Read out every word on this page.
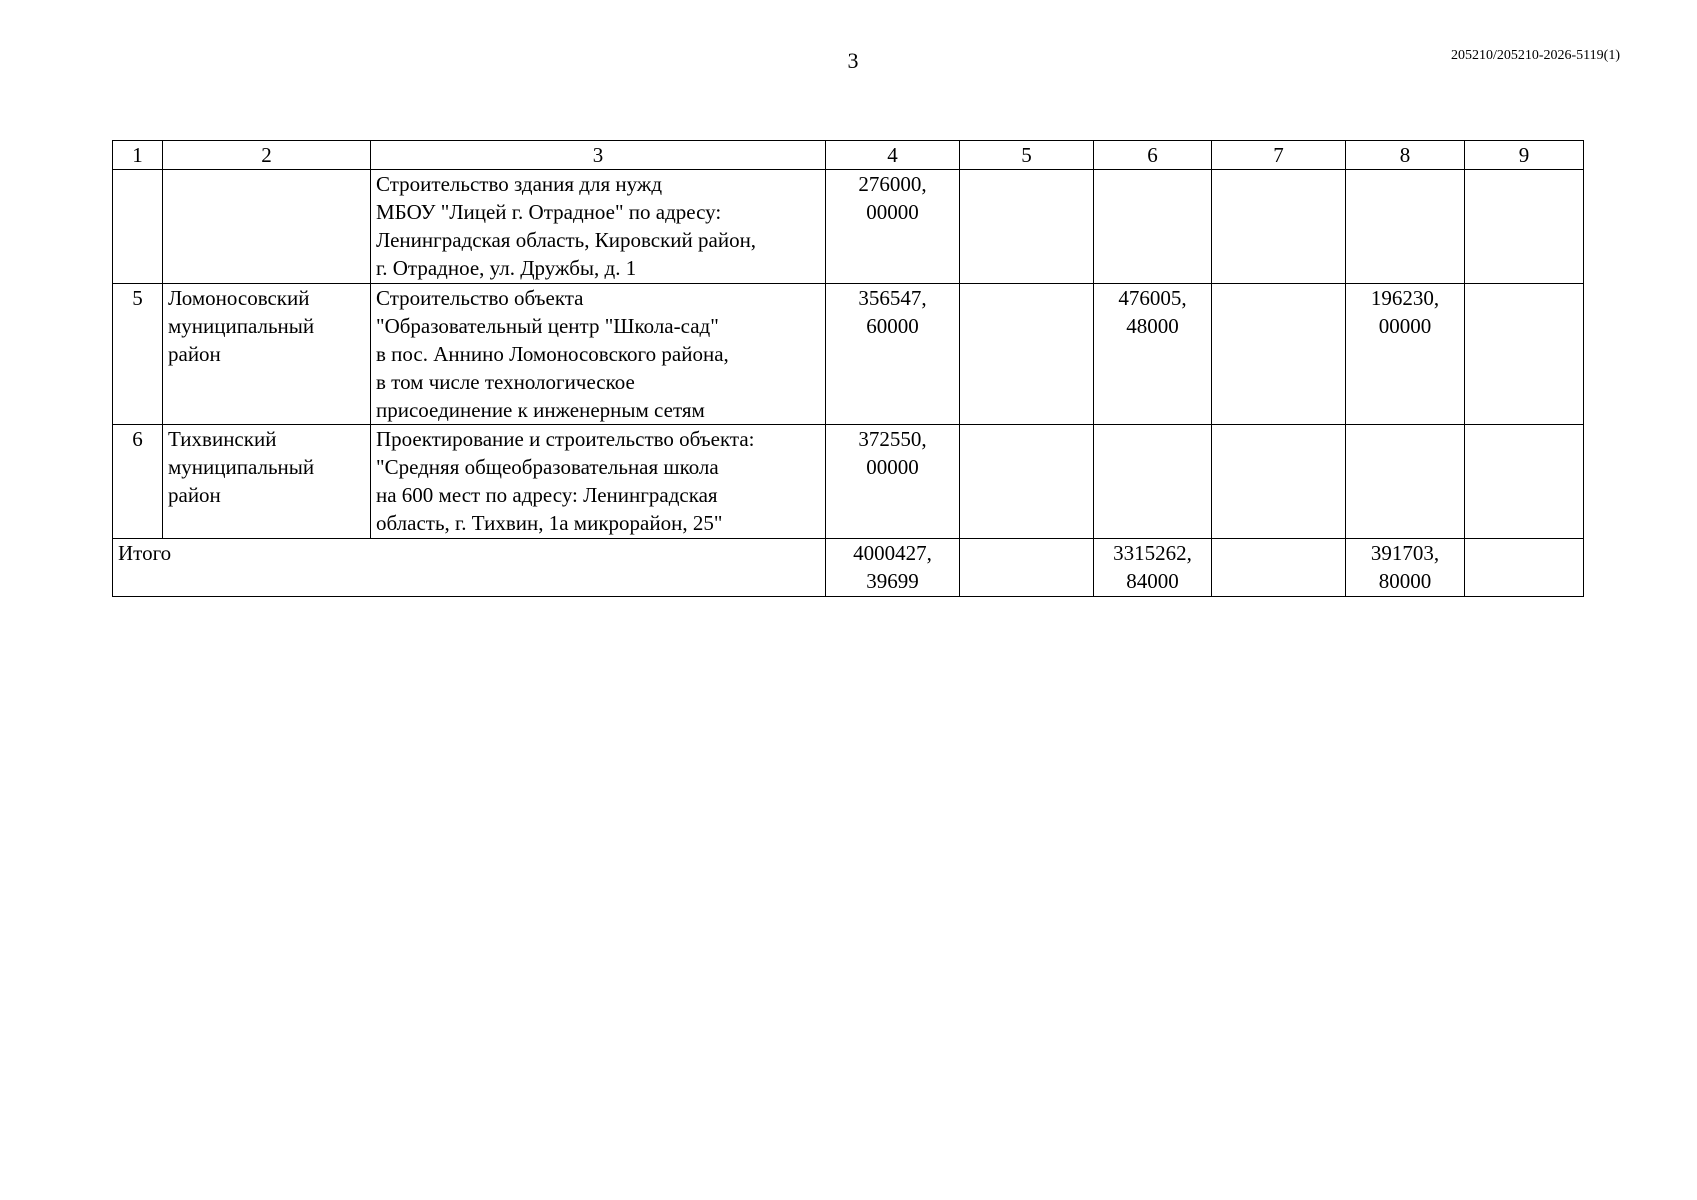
3	205210/205210-2026-5119(1)
1	2	3	4	5	6	7	8	9

		Строительство здания для нужд
МБОУ "Лицей г. Отрадное" по адресу:
Ленинградская область, Кировский район,
г. Отрадное, ул. Дружбы, д. 1	276000,
00000					

5	Ломоносовский
муниципальный
район	Строительство объекта
"Образовательный центр "Школа-сад"
в пос. Аннино Ломоносовского района,
в том числе технологическое
присоединение к инженерным сетям	356547,
60000		476005,
48000		196230,
00000	

6	Тихвинский
муниципальный
район	Проектирование и строительство объекта:
"Средняя общеобразовательная школа
на 600 мест по адресу: Ленинградская
область, г. Тихвин, 1а микрорайон, 25"	372550,
00000					

Итого			4000427,
39699		3315262,
84000		391703,
80000	
